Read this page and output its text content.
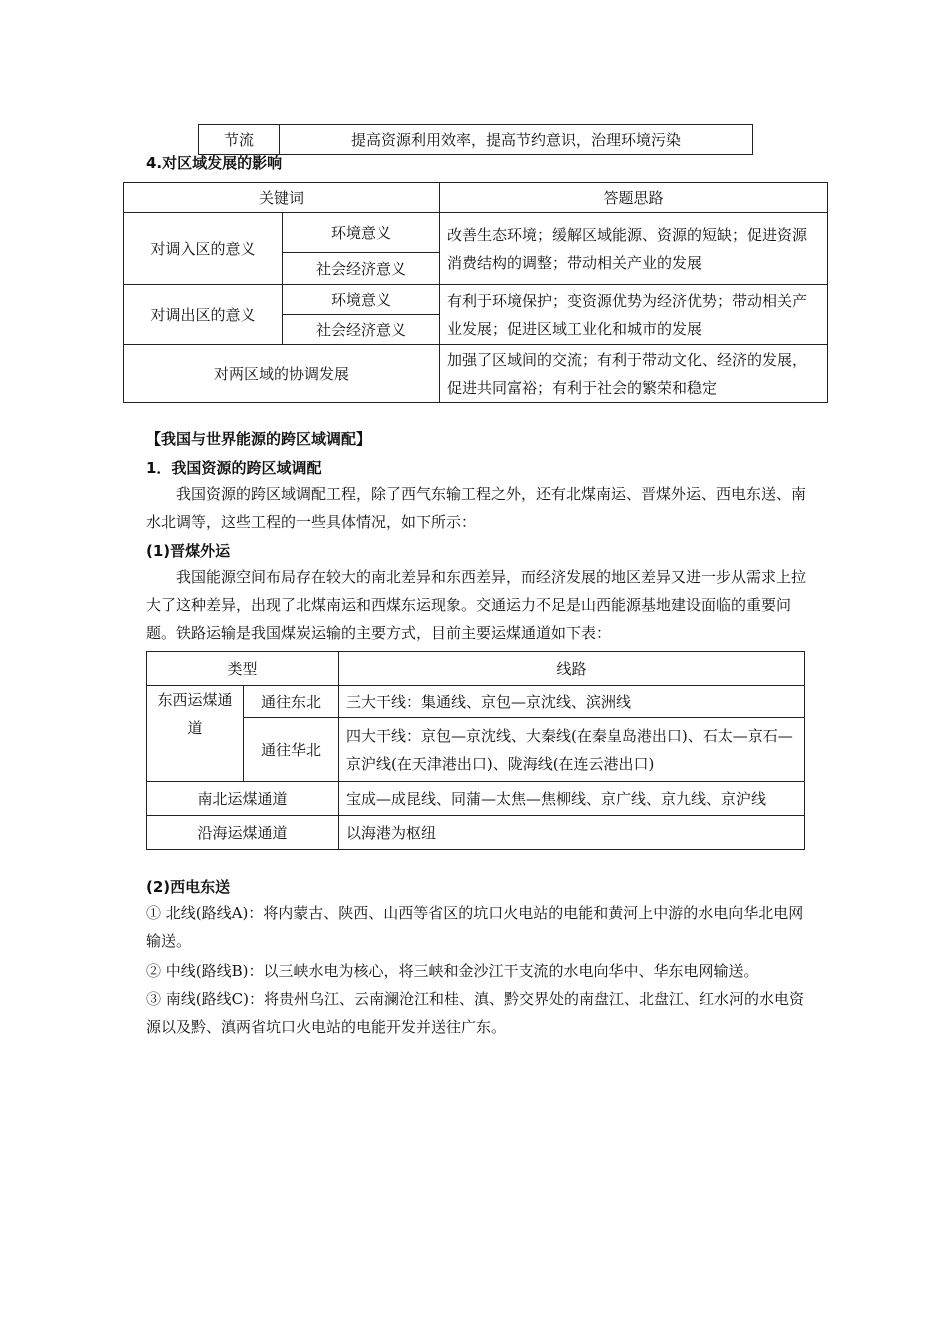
节流	提高资源利用效率，提高节约意识，治理环境污染
4.对区域发展的影响
关键词		答题思路
对调入区的意义	环境意义	改善生态环境；缓解区域能源、资源的短缺；促进资源消费结构的调整；带动相关产业的发展
	社会经济意义	
对调出区的意义	环境意义	有利于环境保护；变资源优势为经济优势；带动相关产业发展；促进区域工业化和城市的发展
	社会经济意义	
对两区域的协调发展		加强了区域间的交流；有利于带动文化、经济的发展，促进共同富裕；有利于社会的繁荣和稳定
【我国与世界能源的跨区域调配】
1．我国资源的跨区域调配
我国资源的跨区域调配工程，除了西气东输工程之外，还有北煤南运、晋煤外运、西电东送、南水北调等，这些工程的一些具体情况，如下所示：
(1)晋煤外运
我国能源空间布局存在较大的南北差异和东西差异，而经济发展的地区差异又进一步从需求上拉大了这种差异，出现了北煤南运和西煤东运现象。交通运力不足是山西能源基地建设面临的重要问题。铁路运输是我国煤炭运输的主要方式，目前主要运煤通道如下表：
类型		线路
东西运煤通道	通往东北	三大干线：集通线、京包—京沈线、滨洲线
	通往华北	四大干线：京包—京沈线、大秦线(在秦皇岛港出口)、石太—京石—京沪线(在天津港出口)、陇海线(在连云港出口)
南北运煤通道		宝成—成昆线、同蒲—太焦—焦柳线、京广线、京九线、京沪线
沿海运煤通道		以海港为枢纽
(2)西电东送
① 北线(路线A)：将内蒙古、陕西、山西等省区的坑口火电站的电能和黄河上中游的水电向华北电网输送。
② 中线(路线B)：以三峡水电为核心，将三峡和金沙江干支流的水电向华中、华东电网输送。
③ 南线(路线C)：将贵州乌江、云南澜沧江和桂、滇、黔交界处的南盘江、北盘江、红水河的水电资源以及黔、滇两省坑口火电站的电能开发并送往广东。
